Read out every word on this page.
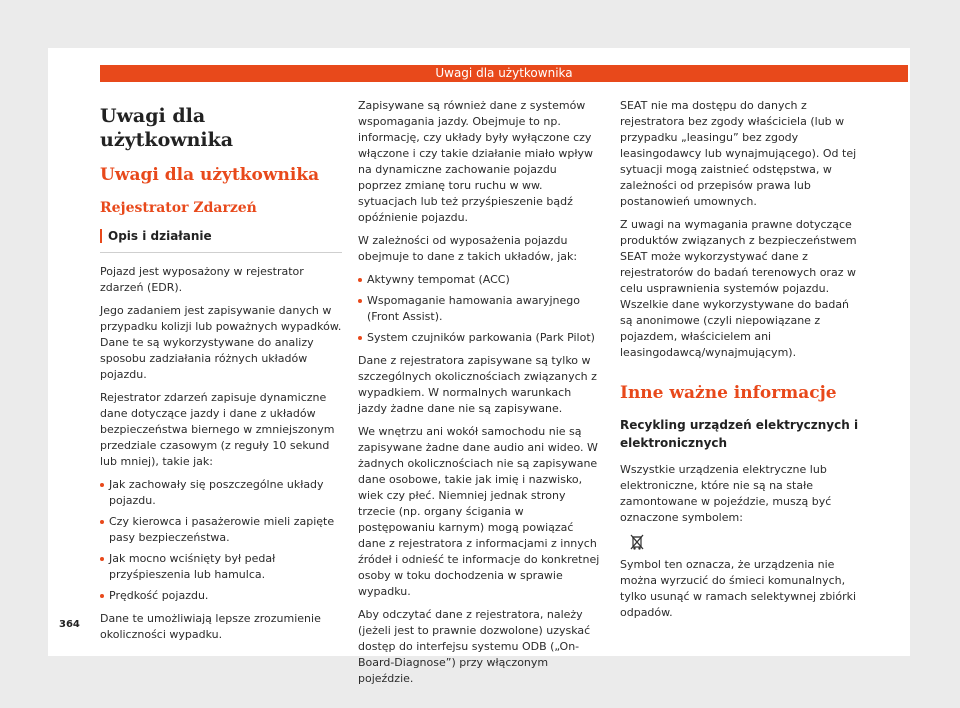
Uwagi dla użytkownika
Uwagi dla użytkownika
Uwagi dla użytkownika
Rejestrator Zdarzeń
Opis i działanie

Pojazd jest wyposażony w rejestrator zdarzeń (EDR).

Jego zadaniem jest zapisywanie danych w przypadku kolizji lub poważnych wypadków. Dane te są wykorzystywane do analizy sposobu zadziałania różnych układów pojazdu.

Rejestrator zdarzeń zapisuje dynamiczne dane dotyczące jazdy i dane z układów bezpieczeństwa biernego w zmniejszonym przedziale czasowym (z reguły 10 sekund lub mniej), takie jak:

Jak zachowały się poszczególne układy pojazdu.
Czy kierowca i pasażerowie mieli zapięte pasy bezpieczeństwa.
Jak mocno wciśnięty był pedał przyśpieszenia lub hamulca.
Prędkość pojazdu.

Dane te umożliwiają lepsze zrozumienie okoliczności wypadku.

Zapisywane są również dane z systemów wspomagania jazdy. Obejmuje to np. informację, czy układy były wyłączone czy włączone i czy takie działanie miało wpływ na dynamiczne zachowanie pojazdu poprzez zmianę toru ruchu w ww. sytuacjach lub też przyśpieszenie bądź opóźnienie pojazdu.

W zależności od wyposażenia pojazdu obejmuje to dane z takich układów, jak:

Aktywny tempomat (ACC)
Wspomaganie hamowania awaryjnego (Front Assist).
System czujników parkowania (Park Pilot)

Dane z rejestratora zapisywane są tylko w szczególnych okolicznościach związanych z wypadkiem. W normalnych warunkach jazdy żadne dane nie są zapisywane.

We wnętrzu ani wokół samochodu nie są zapisywane żadne dane audio ani wideo. W żadnych okolicznościach nie są zapisywane dane osobowe, takie jak imię i nazwisko, wiek czy płeć. Niemniej jednak strony trzecie (np. organy ścigania w postępowaniu karnym) mogą powiązać dane z rejestratora z informacjami z innych źródeł i odnieść te informacje do konkretnej osoby w toku dochodzenia w sprawie wypadku.

Aby odczytać dane z rejestratora, należy (jeżeli jest to prawnie dozwolone) uzyskać dostęp do interfejsu systemu ODB („On-Board-Diagnose”) przy włączonym pojeździe.

SEAT nie ma dostępu do danych z rejestratora bez zgody właściciela (lub w przypadku „leasingu” bez zgody leasingodawcy lub wynajmującego). Od tej sytuacji mogą zaistnieć odstępstwa, w zależności od przepisów prawa lub postanowień umownych.

Z uwagi na wymagania prawne dotyczące produktów związanych z bezpieczeństwem SEAT może wykorzystywać dane z rejestratorów do badań terenowych oraz w celu usprawnienia systemów pojazdu. Wszelkie dane wykorzystywane do badań są anonimowe (czyli niepowiązane z pojazdem, właścicielem ani leasingodawcą/wynajmującym).

Inne ważne informacje
Recykling urządzeń elektrycznych i elektronicznych

Wszystkie urządzenia elektryczne lub elektroniczne, które nie są na stałe zamontowane w pojeździe, muszą być oznaczone symbolem:

Symbol ten oznacza, że urządzenia nie można wyrzucić do śmieci komunalnych, tylko usunąć w ramach selektywnej zbiórki odpadów.

364
